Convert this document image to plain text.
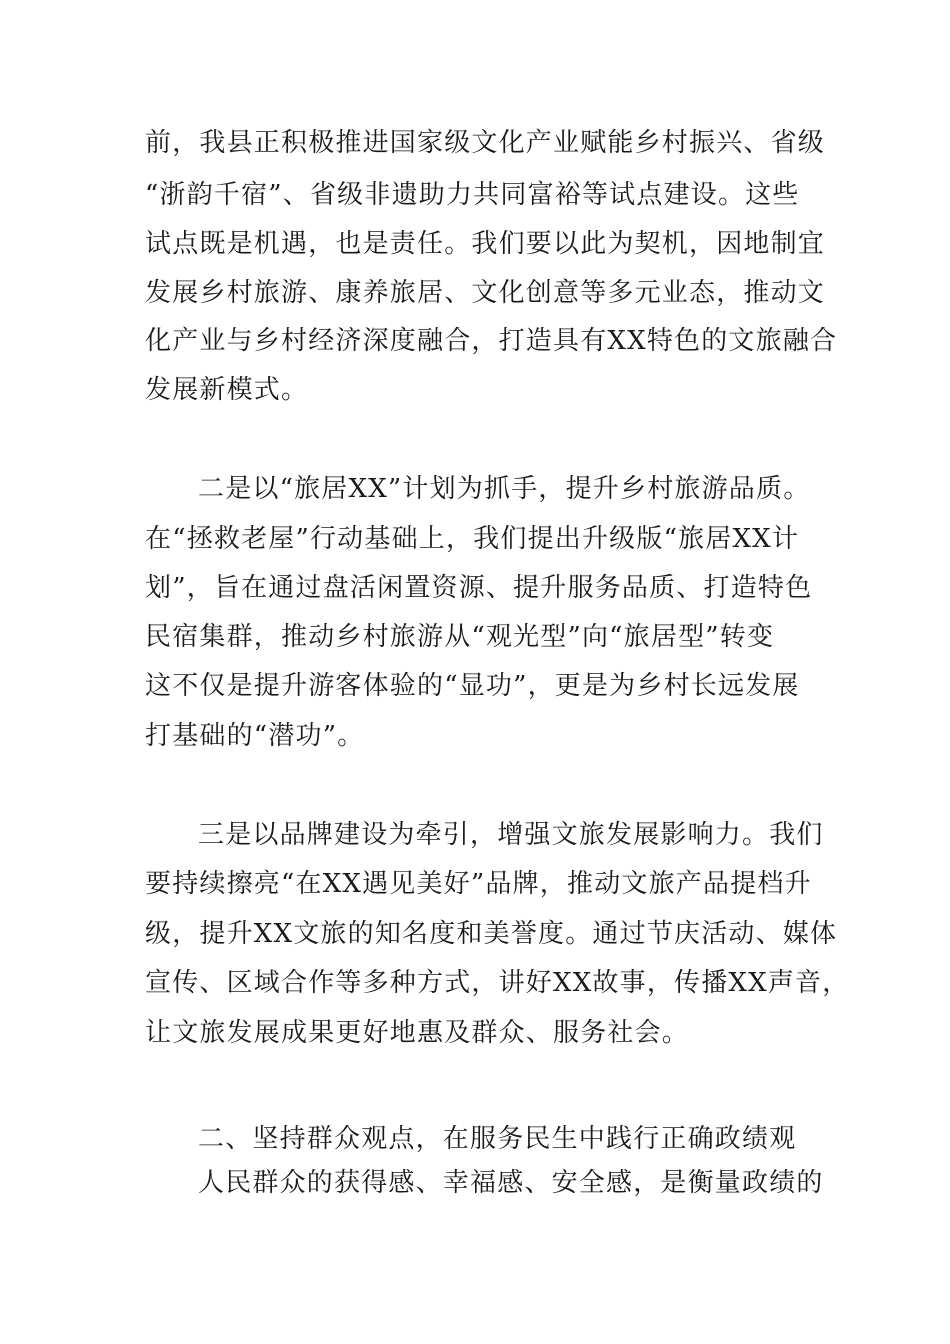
前，我县正积极推进国家级文化产业赋能乡村振兴、省级
“浙韵千宿”、省级非遗助力共同富裕等试点建设。这些
试点既是机遇，也是责任。我们要以此为契机，因地制宜
发展乡村旅游、康养旅居、文化创意等多元业态，推动文
化产业与乡村经济深度融合，打造具有XX特色的文旅融合
发展新模式。
二是以“旅居XX”计划为抓手，提升乡村旅游品质。
在“拯救老屋”行动基础上，我们提出升级版“旅居XX计
划”，旨在通过盘活闲置资源、提升服务品质、打造特色
民宿集群，推动乡村旅游从“观光型”向“旅居型”转变
这不仅是提升游客体验的“显功”，更是为乡村长远发展
打基础的“潜功”。
三是以品牌建设为牵引，增强文旅发展影响力。我们
要持续擦亮“在XX遇见美好”品牌，推动文旅产品提档升
级，提升XX文旅的知名度和美誉度。通过节庆活动、媒体
宣传、区域合作等多种方式，讲好XX故事，传播XX声音，
让文旅发展成果更好地惠及群众、服务社会。
二、坚持群众观点，在服务民生中践行正确政绩观
人民群众的获得感、幸福感、安全感，是衡量政绩的
